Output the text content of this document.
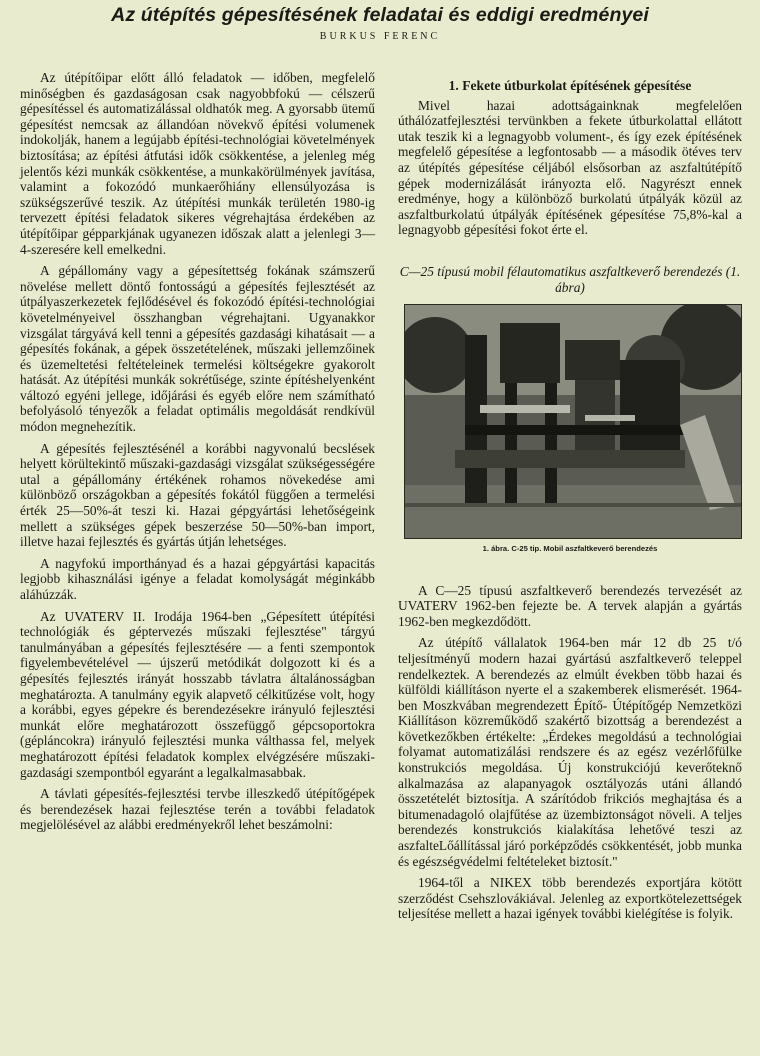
Az útépítés gépesítésének feladatai és eddigi eredményei
BURKUS FERENC

Az útépítőipar előtt álló feladatok — időben, megfelelő minőségben és gazdaságosan csak nagyobbfokú — célszerű gépesítéssel és automatizálással oldhatók meg. A gyorsabb ütemű gépesítést nemcsak az állandóan növekvő építési volumenek indokolják, hanem a legújabb építési-technológiai követelmények biztosítása; az építési átfutási idők csökkentése, a jelenleg még jelentős kézi munkák csökkentése, a munkakörülmények javítása, valamint a fokozódó munkaerőhiány ellensúlyozása is szükségszerűvé teszik. Az útépítési munkák területén 1980-ig tervezett építési feladatok sikeres végrehajtása érdekében az útépítőipar gépparkjának ugyanezen időszak alatt a jelenlegi 3—4-szeresére kell emelkedni.

A gépállomány vagy a gépesítettség fokának számszerű növelése mellett döntő fontosságú a gépesítés fejlesztését az útpályaszerkezetek fejlődésével és fokozódó építési-technológiai követelményeivel összhangban végrehajtani. Ugyanakkor vizsgálat tárgyává kell tenni a gépesítés gazdasági kihatásait — a gépesítés fokának, a gépek összetételének, műszaki jellemzőinek és üzemeltetési feltételeinek termelési költségekre gyakorolt hatását. Az útépítési munkák sokrétűsége, szinte építéshelyenként változó egyéni jellege, időjárási és egyéb előre nem számítható befolyásoló tényezők a feladat optimális megoldását rendkívül módon megnehezítik.

A gépesítés fejlesztésénél a korábbi nagyvonalú becslések helyett körültekintő műszaki-gazdasági vizsgálat szükségességére utal a gépállomány értékének rohamos növekedése ami különböző országokban a gépesítés fokától függően a termelési érték 25—50%-át teszi ki. Hazai gépgyártási lehetőségeink mellett a szükséges gépek beszerzése 50—50%-ban import, illetve hazai fejlesztés és gyártás útján lehetséges.

A nagyfokú importhányad és a hazai gépgyártási kapacitás legjobb kihasználási igénye a feladat komolyságát méginkább aláhúzzák.

Az UVATERV II. Irodája 1964-ben „Gépesített útépítési technológiák és géptervezés műszaki fejlesztése" tárgyú tanulmányában a gépesítés fejlesztésére — a fenti szempontok figyelembevételével — újszerű metódikát dolgozott ki és a gépesítés fejlesztés irányát hosszabb távlatra általánosságban meghatározta. A tanulmány egyik alapvető célkitűzése volt, hogy a korábbi, egyes gépekre és berendezésekre irányuló fejlesztési munkát előre meghatározott összefüggő gépcsoportokra (gépláncokra) irányuló fejlesztési munka válthassa fel, melyek meghatározott építési feladatok komplex elvégzésére műszaki-gazdasági szempontból egyaránt a legalkalmasabbak.

A távlati gépesítés-fejlesztési tervbe illeszkedő útépítőgépek és berendezések hazai fejlesztése terén a további feladatok megjelölésével az alábbi eredményekről lehet beszámolni:

1. Fekete útburkolat építésének gépesítése

Mivel hazai adottságainknak megfelelően úthálózatfejlesztési tervünkben a fekete útburkolattal ellátott utak teszik ki a legnagyobb volument-, és így ezek építésének megfelelő gépesítése a legfontosabb — a második ötéves terv az útépítés gépesítése céljából elsősorban az aszfaltútépítő gépek modernizálását irányozta elő. Nagyrészt ennek eredménye, hogy a különböző burkolatú útpályák közül az aszfaltburkolatú útpályák építésének gépesítése 75,8%-kal a legnagyobb gépesítési fokot érte el.

C—25 típusú mobil félautomatikus aszfaltkeverő berendezés (1. ábra)
1. ábra. C-25 tip. Mobil aszfaltkeverő berendezés

A C—25 típusú aszfaltkeverő berendezés tervezését az UVATERV 1962-ben fejezte be. A tervek alapján a gyártás 1962-ben megkezdődött.

Az útépítő vállalatok 1964-ben már 12 db 25 t/ó teljesítményű modern hazai gyártású aszfaltkeverő teleppel rendelkeztek. A berendezés az elmúlt években több hazai és külföldi kiállításon nyerte el a szakemberek elismerését. 1964-ben Moszkvában megrendezett Építő- Útépítőgép Nemzetközi Kiállításon közreműködő szakértő bizottság a berendezést a következőkben értékelte: „Érdekes megoldású a technológiai folyamat automatizálási rendszere és az egész vezérlőfülke konstrukciós megoldása. Új konstrukciójú keverőteknő alkalmazása az alapanyagok osztályozás utáni állandó összetételét biztosítja. A szárítódob frikciós meghajtása és a bitumenadagoló olajfűtése az üzembiztonságot növeli. A teljes berendezés konstrukciós kialakítása lehetővé teszi az aszfalteLőállítással járó porképződés csökkentését, jobb munka és egészségvédelmi feltételeket biztosít."

1964-től a NIKEX több berendezés exportjára kötött szerződést Csehszlovákiával. Jelenleg az exportkötelezettségek teljesítése mellett a hazai igények további kielégítése is folyik.
